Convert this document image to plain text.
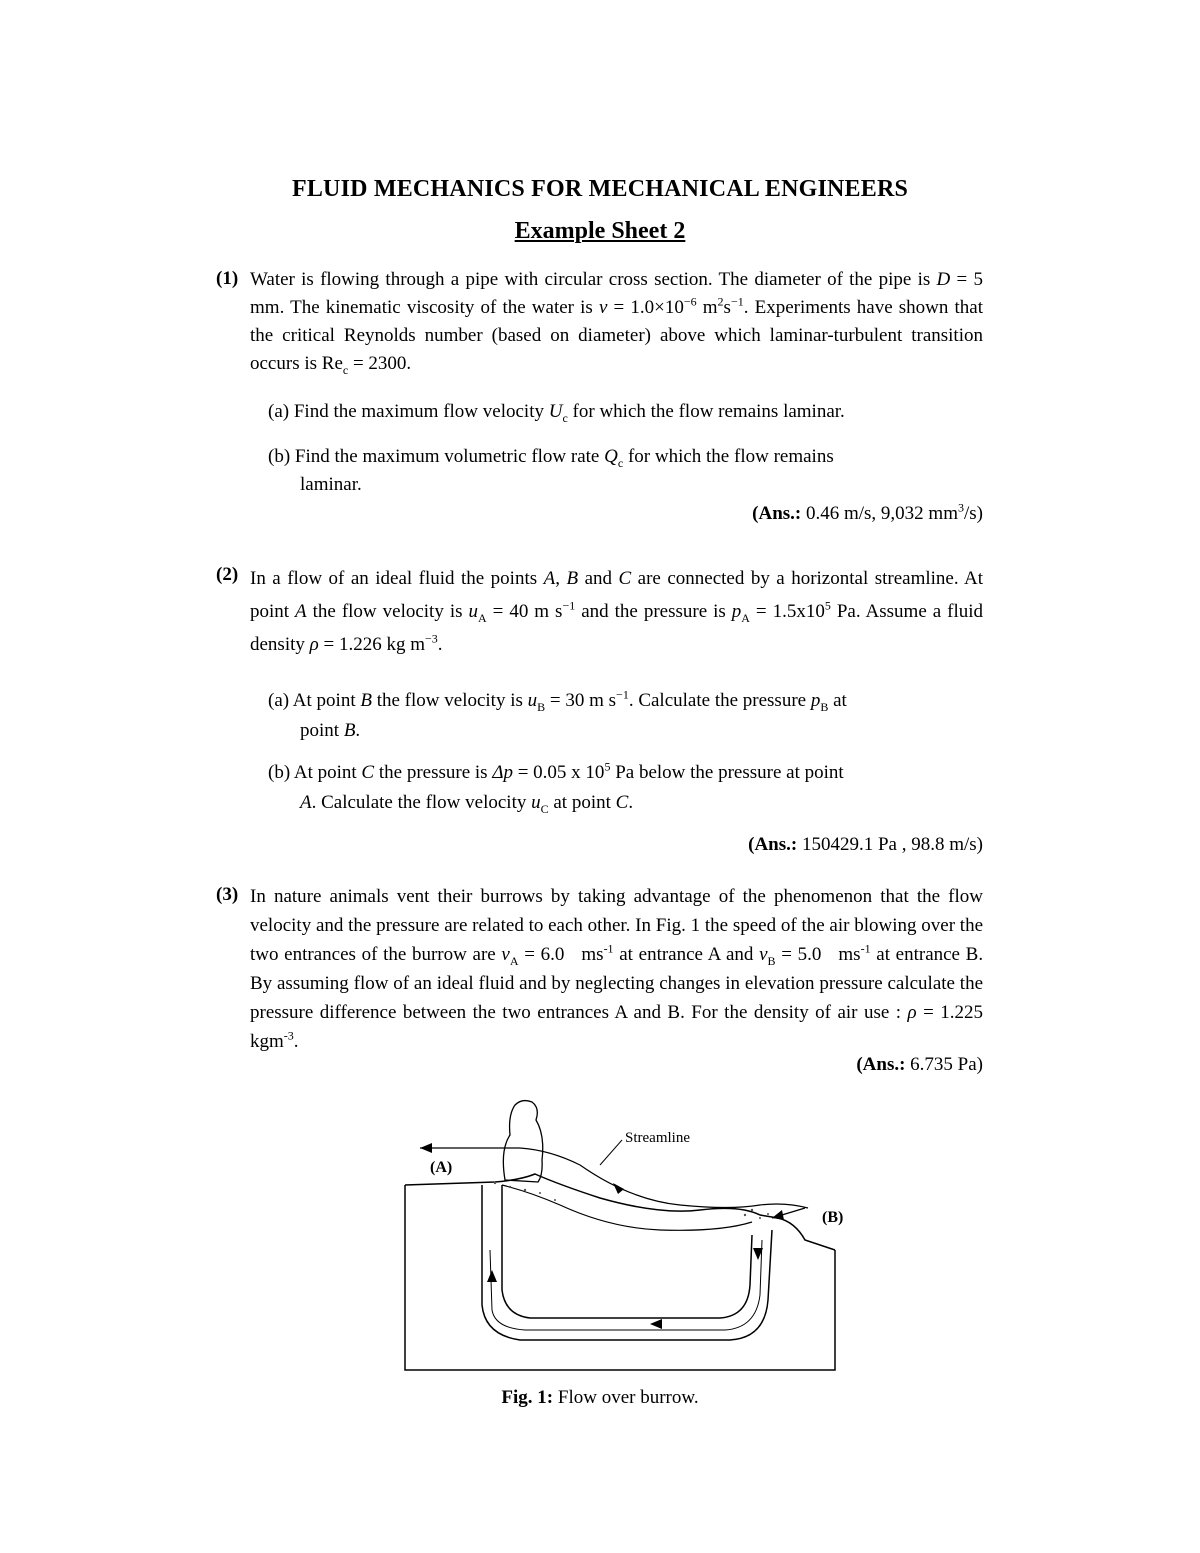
FLUID MECHANICS FOR MECHANICAL ENGINEERS
Example Sheet 2
(1) Water is flowing through a pipe with circular cross section. The diameter of the pipe is D = 5 mm. The kinematic viscosity of the water is $\nu = 1.0\times 10^{-6}$ $m^2s^{-1}$. Experiments have shown that the critical Reynolds number (based on diameter) above which laminar-turbulent transition occurs is $Re_c = 2300$.
(a) Find the maximum flow velocity $U_c$ for which the flow remains laminar.
(b) Find the maximum volumetric flow rate $Q_c$ for which the flow remains
laminar.
(Ans.: 0.46 m/s, 9,032 $mm^3/s$)
(2) In a flow of an ideal fluid the points A, B and C are connected by a horizontal streamline. At point A the flow velocity is $u_A = 40$ m $s^{-1}$ and the pressure is $p_A = 1.5x10^5$ Pa. Assume a fluid density ρ = 1.226 kg $m^{-3}$.
(a) At point B the flow velocity is $u_B = 30$ m $s^{-1}$. Calculate the pressure $p_B$ at
point B.
(b) At point C the pressure is Δp = 0.05 x $10^5$ Pa below the pressure at point
A. Calculate the flow velocity $u_C$ at point C.
(Ans.: 150429.1 Pa , 98.8 m/s)
(3) In nature animals vent their burrows by taking advantage of the phenomenon that the flow velocity and the pressure are related to each other. In Fig. 1 the speed of the air blowing over the two entrances of the burrow are $v_A = 6.0$ $ms^{-1}$ at entrance A and $v_B = 5.0$ $ms^{-1}$ at entrance B. By assuming flow of an ideal fluid and by neglecting changes in elevation pressure calculate the pressure difference between the two entrances A and B. For the density of air use : ρ = 1.225 kgm$^{-3}$.
(Ans.: 6.735 Pa)
(A)
(B)
Streamline
Fig. 1: Flow over burrow.
